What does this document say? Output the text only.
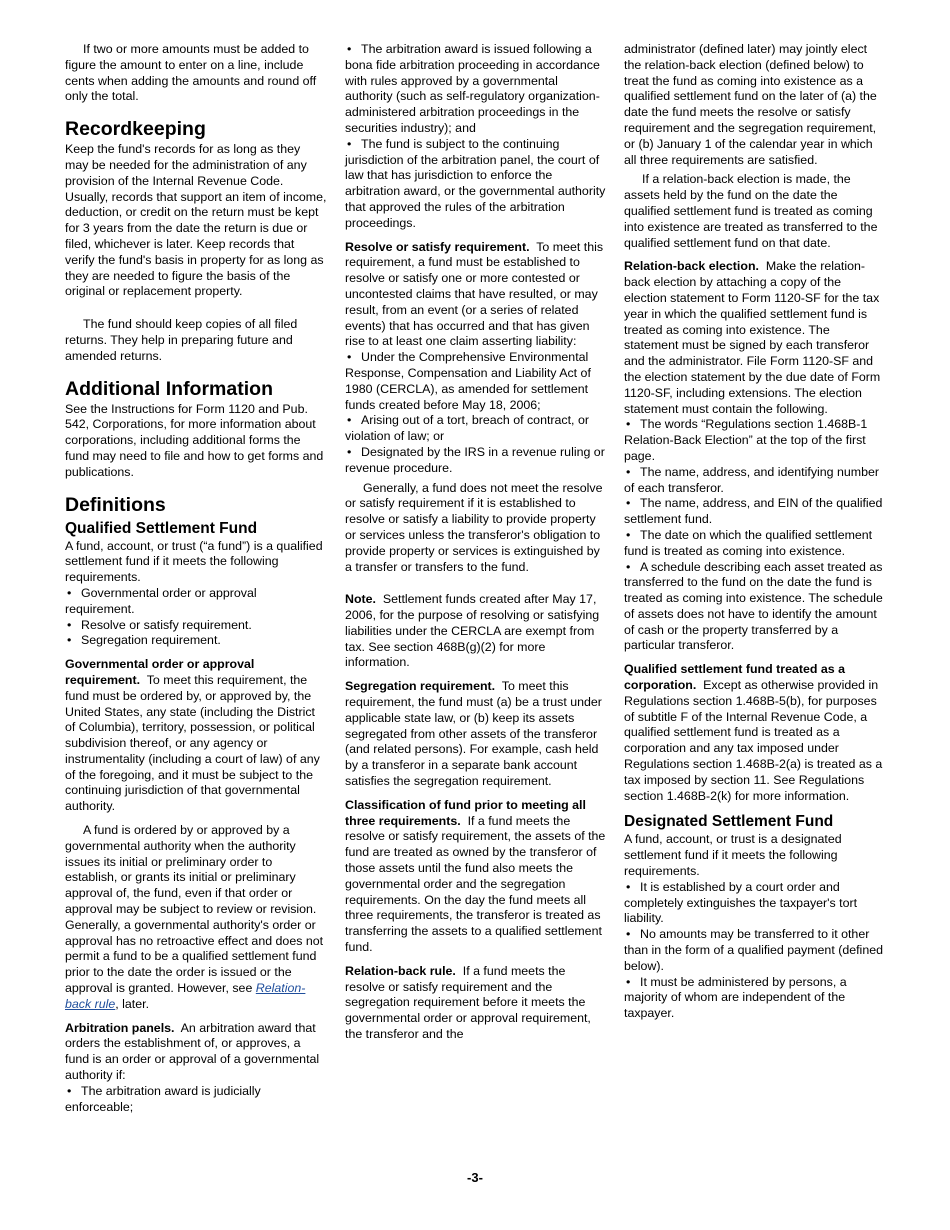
If two or more amounts must be added to figure the amount to enter on a line, include cents when adding the amounts and round off only the total.

Recordkeeping

Keep the fund's records for as long as they may be needed for the administration of any provision of the Internal Revenue Code. Usually, records that support an item of income, deduction, or credit on the return must be kept for 3 years from the date the return is due or filed, whichever is later. Keep records that verify the fund's basis in property for as long as they are needed to figure the basis of the original or replacement property.

The fund should keep copies of all filed returns. They help in preparing future and amended returns.

Additional Information

See the Instructions for Form 1120 and Pub. 542, Corporations, for more information about corporations, including additional forms the fund may need to file and how to get forms and publications.

Definitions
Qualified Settlement Fund

A fund, account, or trust (“a fund”) is a qualified settlement fund if it meets the following requirements.

• Governmental order or approval requirement.
• Resolve or satisfy requirement.
• Segregation requirement.

Governmental order or approval requirement. To meet this requirement, the fund must be ordered by, or approved by, the United States, any state (including the District of Columbia), territory, possession, or political subdivision thereof, or any agency or instrumentality (including a court of law) of any of the foregoing, and it must be subject to the continuing jurisdiction of that governmental authority.

A fund is ordered by or approved by a governmental authority when the authority issues its initial or preliminary order to establish, or grants its initial or preliminary approval of, the fund, even if that order or approval may be subject to review or revision. Generally, a governmental authority's order or approval has no retroactive effect and does not permit a fund to be a qualified settlement fund prior to the date the order is issued or the approval is granted. However, see Relation-back rule, later.

Arbitration panels. An arbitration award that orders the establishment of, or approves, a fund is an order or approval of a governmental authority if:

• The arbitration award is judicially enforceable;
• The arbitration award is issued following a bona fide arbitration proceeding in accordance with rules approved by a governmental authority (such as self-regulatory organization-administered arbitration proceedings in the securities industry); and
• The fund is subject to the continuing jurisdiction of the arbitration panel, the court of law that has jurisdiction to enforce the arbitration award, or the governmental authority that approved the rules of the arbitration proceedings.

Resolve or satisfy requirement. To meet this requirement, a fund must be established to resolve or satisfy one or more contested or uncontested claims that have resulted, or may result, from an event (or a series of related events) that has occurred and that has given rise to at least one claim asserting liability:

• Under the Comprehensive Environmental Response, Compensation and Liability Act of 1980 (CERCLA), as amended for settlement funds created before May 18, 2006;
• Arising out of a tort, breach of contract, or violation of law; or
• Designated by the IRS in a revenue ruling or revenue procedure.

Generally, a fund does not meet the resolve or satisfy requirement if it is established to resolve or satisfy a liability to provide property or services unless the transferor's obligation to provide property or services is extinguished by a transfer or transfers to the fund.

Note. Settlement funds created after May 17, 2006, for the purpose of resolving or satisfying liabilities under the CERCLA are exempt from tax. See section 468B(g)(2) for more information.

Segregation requirement. To meet this requirement, the fund must (a) be a trust under applicable state law, or (b) keep its assets segregated from other assets of the transferor (and related persons). For example, cash held by a transferor in a separate bank account satisfies the segregation requirement.

Classification of fund prior to meeting all three requirements. If a fund meets the resolve or satisfy requirement, the assets of the fund are treated as owned by the transferor of those assets until the fund also meets the governmental order and the segregation requirements. On the day the fund meets all three requirements, the transferor is treated as transferring the assets to a qualified settlement fund.

Relation-back rule. If a fund meets the resolve or satisfy requirement and the segregation requirement before it meets the governmental order or approval requirement, the transferor and the

administrator (defined later) may jointly elect the relation-back election (defined below) to treat the fund as coming into existence as a qualified settlement fund on the later of (a) the date the fund meets the resolve or satisfy requirement and the segregation requirement, or (b) January 1 of the calendar year in which all three requirements are satisfied.

If a relation-back election is made, the assets held by the fund on the date the qualified settlement fund is treated as coming into existence are treated as transferred to the qualified settlement fund on that date.

Relation-back election. Make the relation-back election by attaching a copy of the election statement to Form 1120-SF for the tax year in which the qualified settlement fund is treated as coming into existence. The statement must be signed by each transferor and the administrator. File Form 1120-SF and the election statement by the due date of Form 1120-SF, including extensions. The election statement must contain the following.

• The words “Regulations section 1.468B-1 Relation-Back Election” at the top of the first page.
• The name, address, and identifying number of each transferor.
• The name, address, and EIN of the qualified settlement fund.
• The date on which the qualified settlement fund is treated as coming into existence.
• A schedule describing each asset treated as transferred to the fund on the date the fund is treated as coming into existence. The schedule of assets does not have to identify the amount of cash or the property transferred by a particular transferor.

Qualified settlement fund treated as a corporation. Except as otherwise provided in Regulations section 1.468B-5(b), for purposes of subtitle F of the Internal Revenue Code, a qualified settlement fund is treated as a corporation and any tax imposed under Regulations section 1.468B-2(a) is treated as a tax imposed by section 11. See Regulations section 1.468B-2(k) for more information.

Designated Settlement Fund

A fund, account, or trust is a designated settlement fund if it meets the following requirements.

• It is established by a court order and completely extinguishes the taxpayer's tort liability.
• No amounts may be transferred to it other than in the form of a qualified payment (defined below).
• It must be administered by persons, a majority of whom are independent of the taxpayer.
-3-
